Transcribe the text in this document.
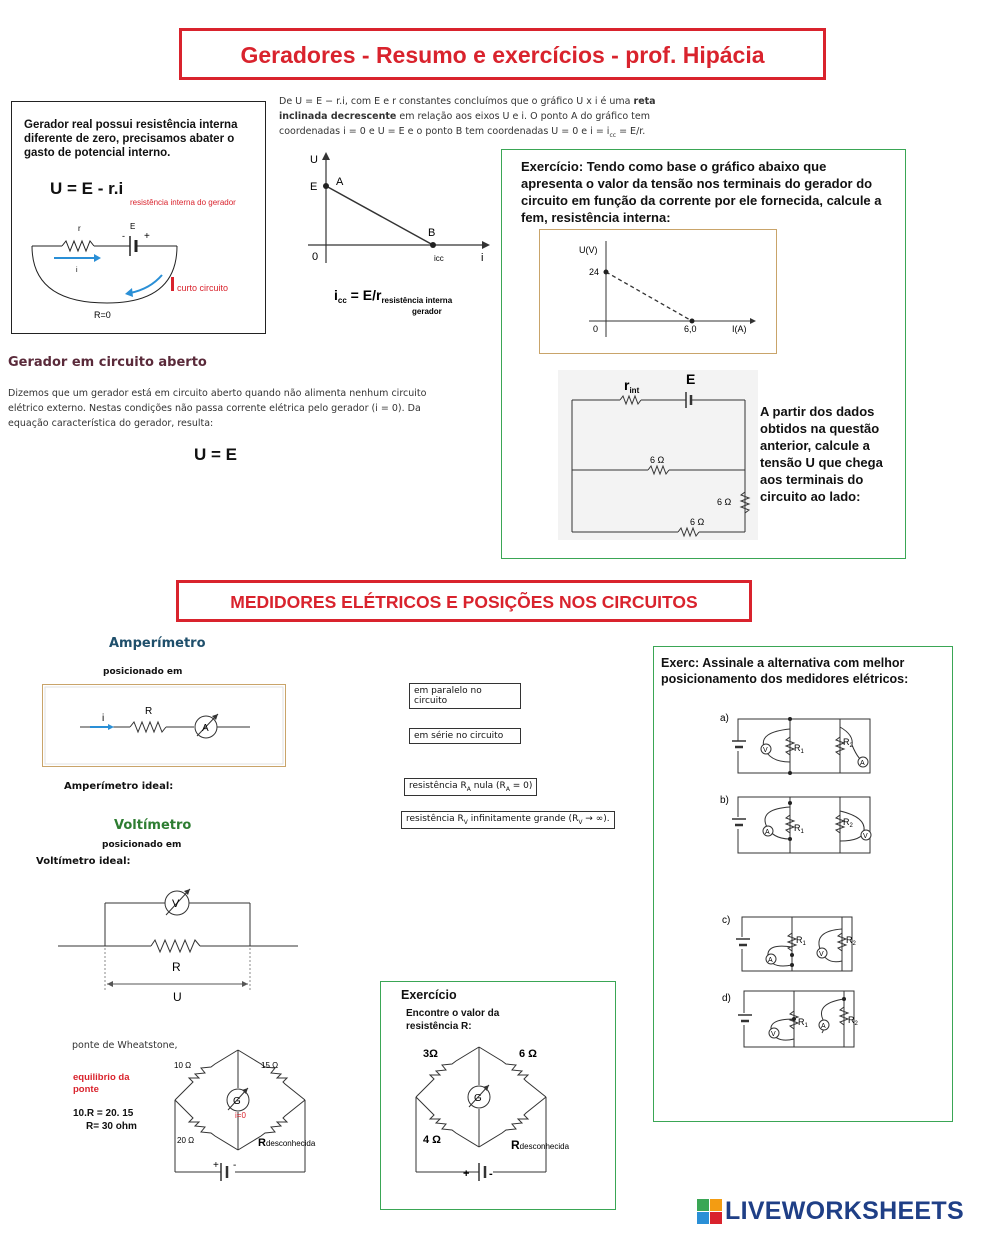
Geradores - Resumo e exercícios - prof. Hipácia
Gerador real possui resistência interna diferente de zero, precisamos abater o gasto de potencial interno.
U = E - r.i
resistência interna do gerador
r	E
- +
i
curto circuito
R=0
De U = E − r.i, com E e r constantes concluímos que o gráfico U x i é uma reta inclinada decrescente em relação aos eixos U e i. O ponto A do gráfico tem coordenadas i = 0 e U = E e o ponto B tem coordenadas U = 0 e $i = i_{cc} = E/r$.
U
i
E A
B
0	icc
$i_{cc} = E/r_{resistência interna}$
gerador
Gerador em circuito aberto
Dizemos que um gerador está em circuito aberto quando não alimenta nenhum circuito elétrico externo. Nestas condições não passa corrente elétrica pelo gerador (i = 0). Da equação característica do gerador, resulta:
U = E
Exercício: Tendo como base o gráfico abaixo que apresenta o valor da tensão nos terminais do gerador do circuito em função da corrente por ele fornecida, calcule a fem, resistência interna:
U(V)
I(A)
24
6,0
0
$r_{int}$
E
6 Ω
6 Ω
6 Ω
A partir dos dados obtidos na questão anterior, calcule a tensão U que chega aos terminais do circuito ao lado:
MEDIDORES ELÉTRICOS E POSIÇÕES NOS CIRCUITOS
Amperímetro
posicionado em
A
i
R
Amperímetro ideal:
em paralelo no circuito
em série no circuito
resistência $R_A$ nula $(R_A = 0)$
resistência $R_V$ infinitamente grande ($R_V$ → ∞).
Voltímetro
posicionado em
Voltímetro ideal:
V
R
U
ponte de Wheatstone,
equilibrio da ponte
10.R = 20. 15
R= 30 ohm
+ -
G
10 Ω	15 Ω
20 Ω
i=0
Rdesconhecida
Exercício
Encontre o valor da resistência R:
+ -
G
3Ω	6 Ω
4 Ω	Rdesconhecida
Exerc: Assinale a alternativa com melhor posicionamento dos medidores elétricos:
a)
$R_1$
$R_2$
V
A
b)
$R_1$
$R_2$
A
V
c)
$R_1$	$R_2$
A
V
d)
$R_1$
$R_2$
V
A
LIVEWORKSHEETS
